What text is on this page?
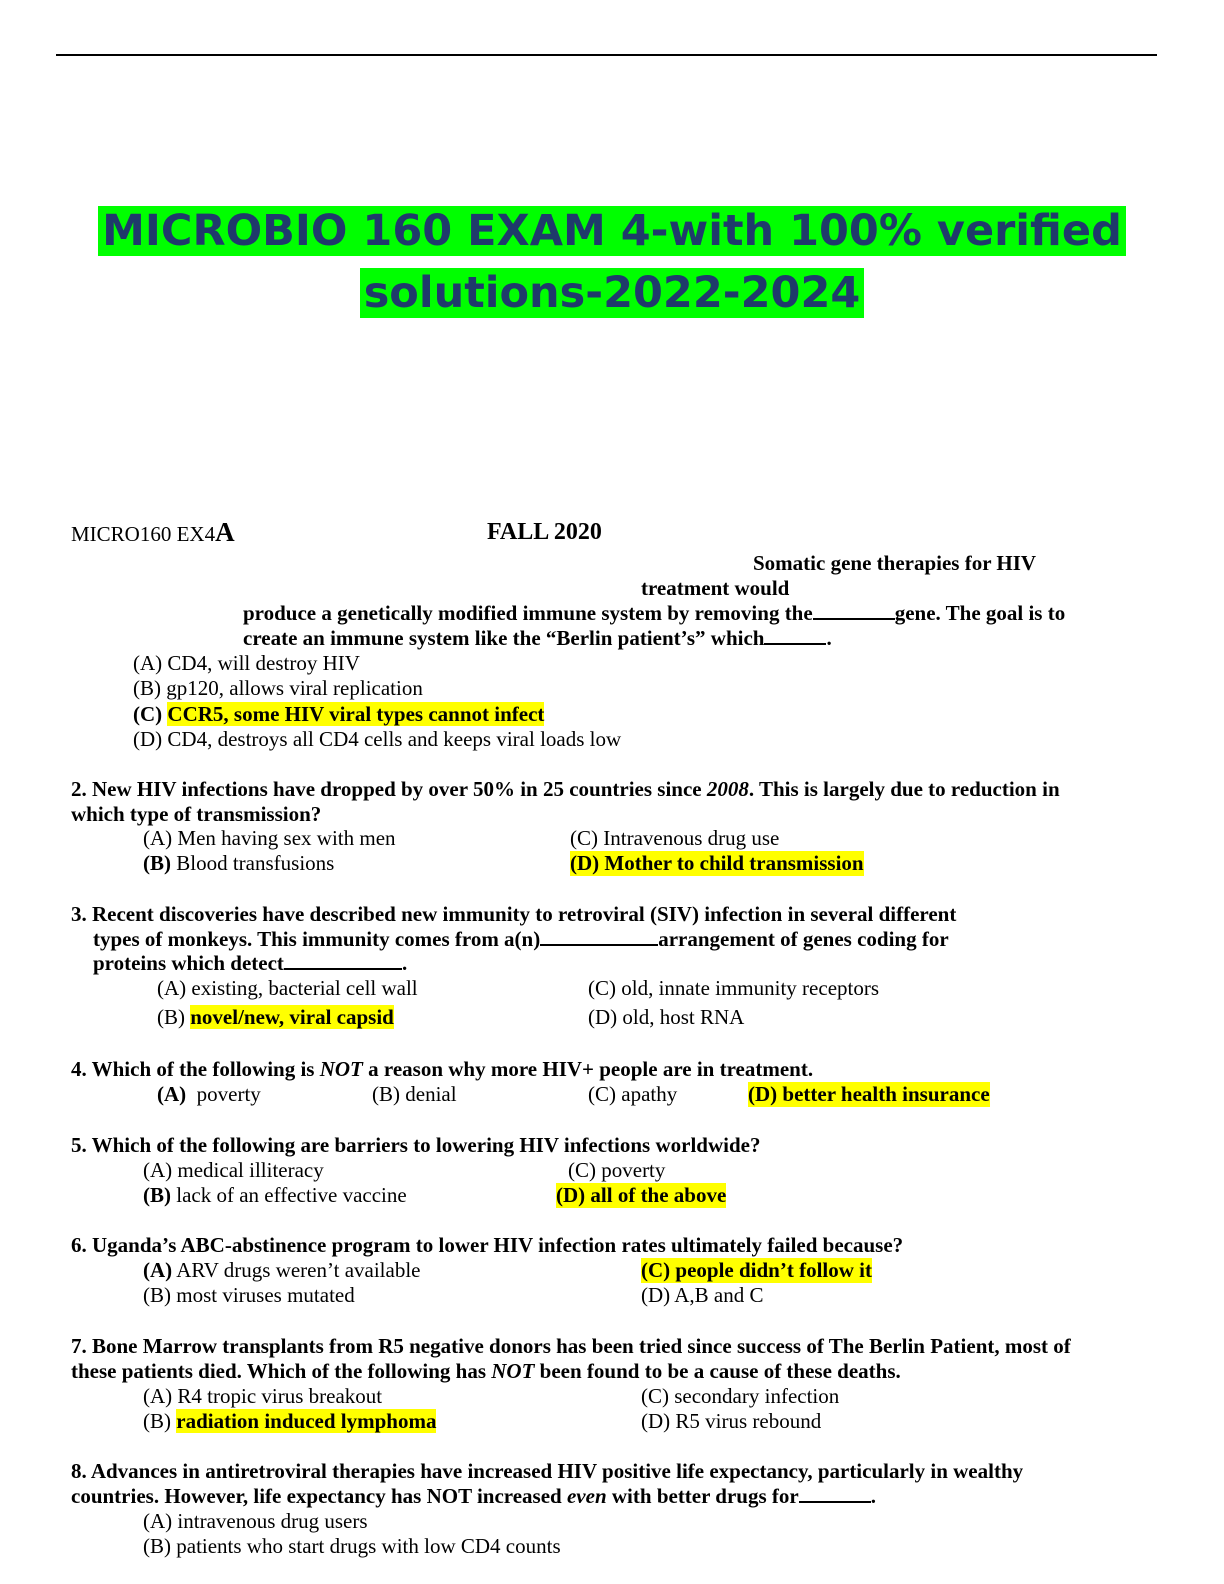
MICROBIO 160 EXAM 4-with 100% verified
solutions-2022-2024
MICRO160 EX4A	FALL 2020
Somatic gene therapies for HIV
treatment would
produce a genetically modified immune system by removing the	gene. The goal is to
create an immune system like the “Berlin patient’s” which	.
(A) CD4, will destroy HIV
(B) gp120, allows viral replication
(C) CCR5, some HIV viral types cannot infect
(D) CD4, destroys all CD4 cells and keeps viral loads low
2. New HIV infections have dropped by over 50% in 25 countries since 2008. This is largely due to reduction in
which type of transmission?
(A) Men having sex with men
(B) Blood transfusions
(C) Intravenous drug use
(D) Mother to child transmission
3. Recent discoveries have described new immunity to retroviral (SIV) infection in several different
types of monkeys. This immunity comes from a(n)	arrangement of genes coding for
proteins which detect	.
(A) existing, bacterial cell wall
(B) novel/new, viral capsid
(C) old, innate immunity receptors
(D) old, host RNA
4. Which of the following is NOT a reason why more HIV+ people are in treatment.
(A) poverty	(B) denial	(C) apathy	(D) better health insurance
5. Which of the following are barriers to lowering HIV infections worldwide?
(A) medical illiteracy
(B) lack of an effective vaccine
(C) poverty
(D) all of the above
6. Uganda’s ABC-abstinence program to lower HIV infection rates ultimately failed because?
(A) ARV drugs weren’t available
(B) most viruses mutated
(C) people didn’t follow it
(D) A,B and C
7. Bone Marrow transplants from R5 negative donors has been tried since success of The Berlin Patient, most of
these patients died. Which of the following has NOT been found to be a cause of these deaths.
(A) R4 tropic virus breakout
(B) radiation induced lymphoma
(C) secondary infection
(D) R5 virus rebound
8. Advances in antiretroviral therapies have increased HIV positive life expectancy, particularly in wealthy
countries. However, life expectancy has NOT increased even with better drugs for	.
(A) intravenous drug users
(B) patients who start drugs with low CD4 counts
